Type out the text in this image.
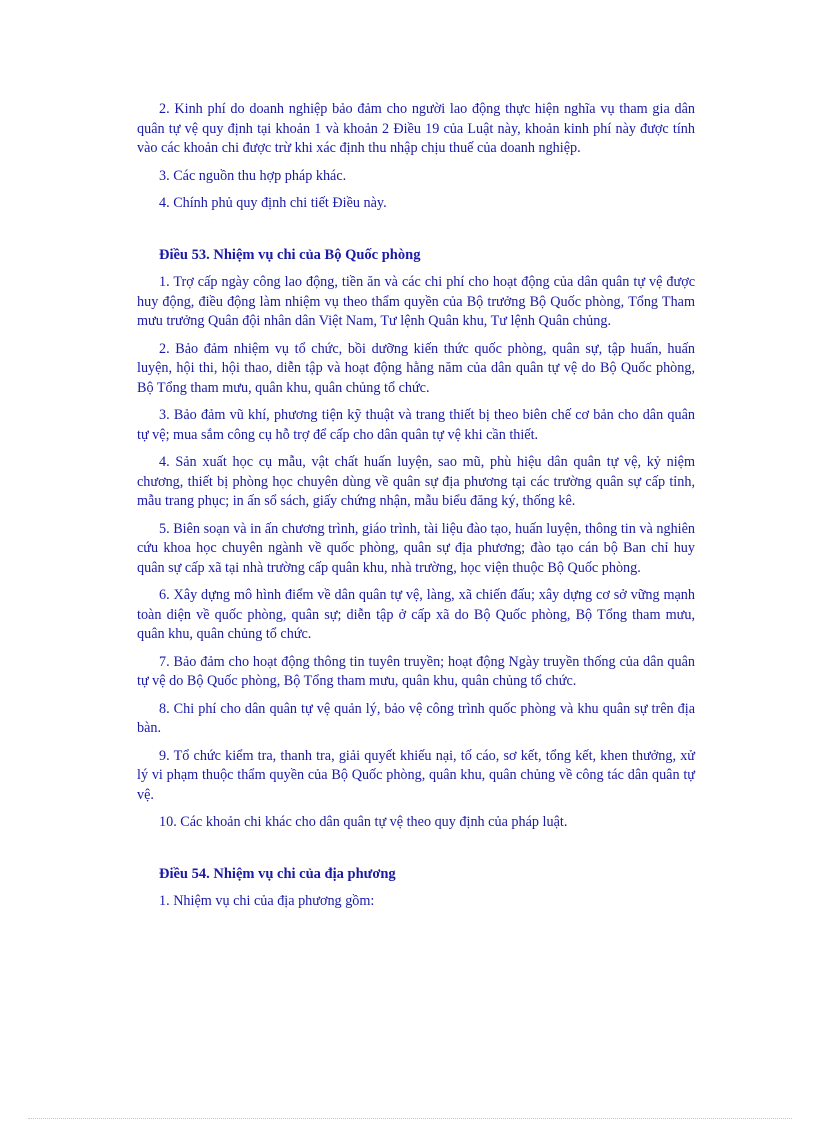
2. Kinh phí do doanh nghiệp bảo đảm cho người lao động thực hiện nghĩa vụ tham gia dân quân tự vệ quy định tại khoản 1 và khoản 2 Điều 19 của Luật này, khoản kinh phí này được tính vào các khoản chi được trừ khi xác định thu nhập chịu thuế của doanh nghiệp.

3. Các nguồn thu hợp pháp khác.

4. Chính phủ quy định chi tiết Điều này.

Điều 53. Nhiệm vụ chi của Bộ Quốc phòng

1. Trợ cấp ngày công lao động, tiền ăn và các chi phí cho hoạt động của dân quân tự vệ được huy động, điều động làm nhiệm vụ theo thẩm quyền của Bộ trưởng Bộ Quốc phòng, Tổng Tham mưu trưởng Quân đội nhân dân Việt Nam, Tư lệnh Quân khu, Tư lệnh Quân chủng.

2. Bảo đảm nhiệm vụ tổ chức, bồi dưỡng kiến thức quốc phòng, quân sự, tập huấn, huấn luyện, hội thi, hội thao, diễn tập và hoạt động hằng năm của dân quân tự vệ do Bộ Quốc phòng, Bộ Tổng tham mưu, quân khu, quân chủng tổ chức.

3. Bảo đảm vũ khí, phương tiện kỹ thuật và trang thiết bị theo biên chế cơ bản cho dân quân tự vệ; mua sắm công cụ hỗ trợ để cấp cho dân quân tự vệ khi cần thiết.

4. Sản xuất học cụ mẫu, vật chất huấn luyện, sao mũ, phù hiệu dân quân tự vệ, kỷ niệm chương, thiết bị phòng học chuyên dùng về quân sự địa phương tại các trường quân sự cấp tỉnh, mẫu trang phục; in ấn sổ sách, giấy chứng nhận, mẫu biểu đăng ký, thống kê.

5. Biên soạn và in ấn chương trình, giáo trình, tài liệu đào tạo, huấn luyện, thông tin và nghiên cứu khoa học chuyên ngành về quốc phòng, quân sự địa phương; đào tạo cán bộ Ban chỉ huy quân sự cấp xã tại nhà trường cấp quân khu, nhà trường, học viện thuộc Bộ Quốc phòng.

6. Xây dựng mô hình điểm về dân quân tự vệ, làng, xã chiến đấu; xây dựng cơ sở vững mạnh toàn diện về quốc phòng, quân sự; diễn tập ở cấp xã do Bộ Quốc phòng, Bộ Tổng tham mưu, quân khu, quân chủng tổ chức.

7. Bảo đảm cho hoạt động thông tin tuyên truyền; hoạt động Ngày truyền thống của dân quân tự vệ do Bộ Quốc phòng, Bộ Tổng tham mưu, quân khu, quân chủng tổ chức.

8. Chi phí cho dân quân tự vệ quản lý, bảo vệ công trình quốc phòng và khu quân sự trên địa bàn.

9. Tổ chức kiểm tra, thanh tra, giải quyết khiếu nại, tố cáo, sơ kết, tổng kết, khen thưởng, xử lý vi phạm thuộc thẩm quyền của Bộ Quốc phòng, quân khu, quân chủng về công tác dân quân tự vệ.

10. Các khoản chi khác cho dân quân tự vệ theo quy định của pháp luật.

Điều 54. Nhiệm vụ chi của địa phương

1. Nhiệm vụ chi của địa phương gồm:
